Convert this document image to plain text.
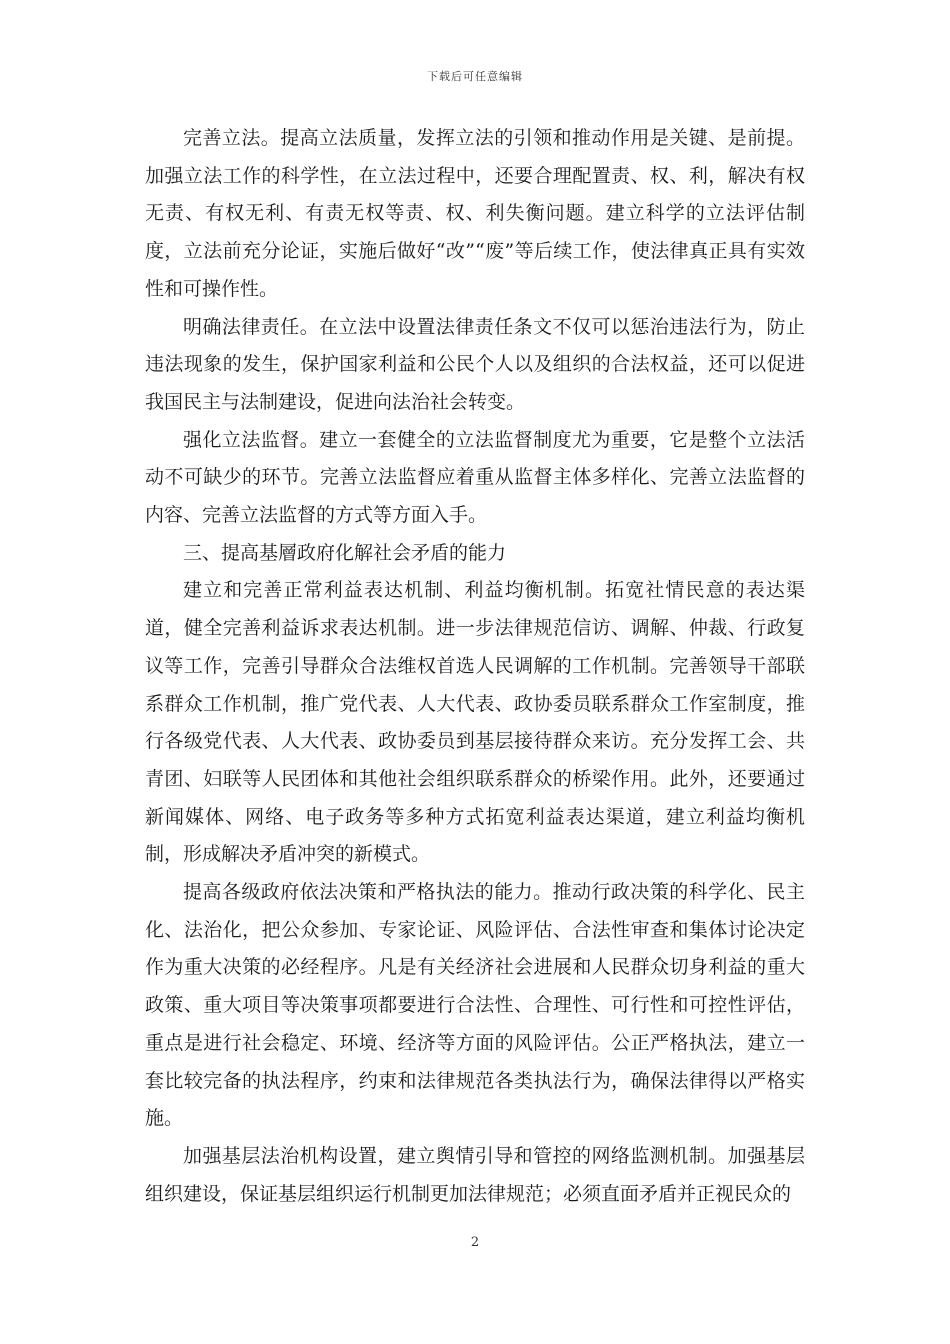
下载后可任意编辑

完善立法。提高立法质量，发挥立法的引领和推动作用是关键、是前提。加强立法工作的科学性，在立法过程中，还要合理配置责、权、利，解决有权无责、有权无利、有责无权等责、权、利失衡问题。建立科学的立法评估制度，立法前充分论证，实施后做好“改”“废”等后续工作，使法律真正具有实效性和可操作性。

明确法律责任。在立法中设置法律责任条文不仅可以惩治违法行为，防止违法现象的发生，保护国家利益和公民个人以及组织的合法权益，还可以促进我国民主与法制建设，促进向法治社会转变。

强化立法监督。建立一套健全的立法监督制度尤为重要，它是整个立法活动不可缺少的环节。完善立法监督应着重从监督主体多样化、完善立法监督的内容、完善立法监督的方式等方面入手。

三、提高基層政府化解社会矛盾的能力

建立和完善正常利益表达机制、利益均衡机制。拓宽社情民意的表达渠道，健全完善利益诉求表达机制。进一步法律规范信访、调解、仲裁、行政复议等工作，完善引导群众合法维权首选人民调解的工作机制。完善领导干部联系群众工作机制，推广党代表、人大代表、政协委员联系群众工作室制度，推行各级党代表、人大代表、政协委员到基层接待群众来访。充分发挥工会、共青团、妇联等人民团体和其他社会组织联系群众的桥梁作用。此外，还要通过新闻媒体、网络、电子政务等多种方式拓宽利益表达渠道，建立利益均衡机制，形成解决矛盾冲突的新模式。

提高各级政府依法决策和严格执法的能力。推动行政决策的科学化、民主化、法治化，把公众参加、专家论证、风险评估、合法性审查和集体讨论决定作为重大决策的必经程序。凡是有关经济社会进展和人民群众切身利益的重大政策、重大项目等决策事项都要进行合法性、合理性、可行性和可控性评估，重点是进行社会稳定、环境、经济等方面的风险评估。公正严格执法，建立一套比较完备的执法程序，约束和法律规范各类执法行为，确保法律得以严格实施。

加强基层法治机构设置，建立舆情引导和管控的网络监测机制。加强基层组织建设，保证基层组织运行机制更加法律规范；必须直面矛盾并正视民众的

2
